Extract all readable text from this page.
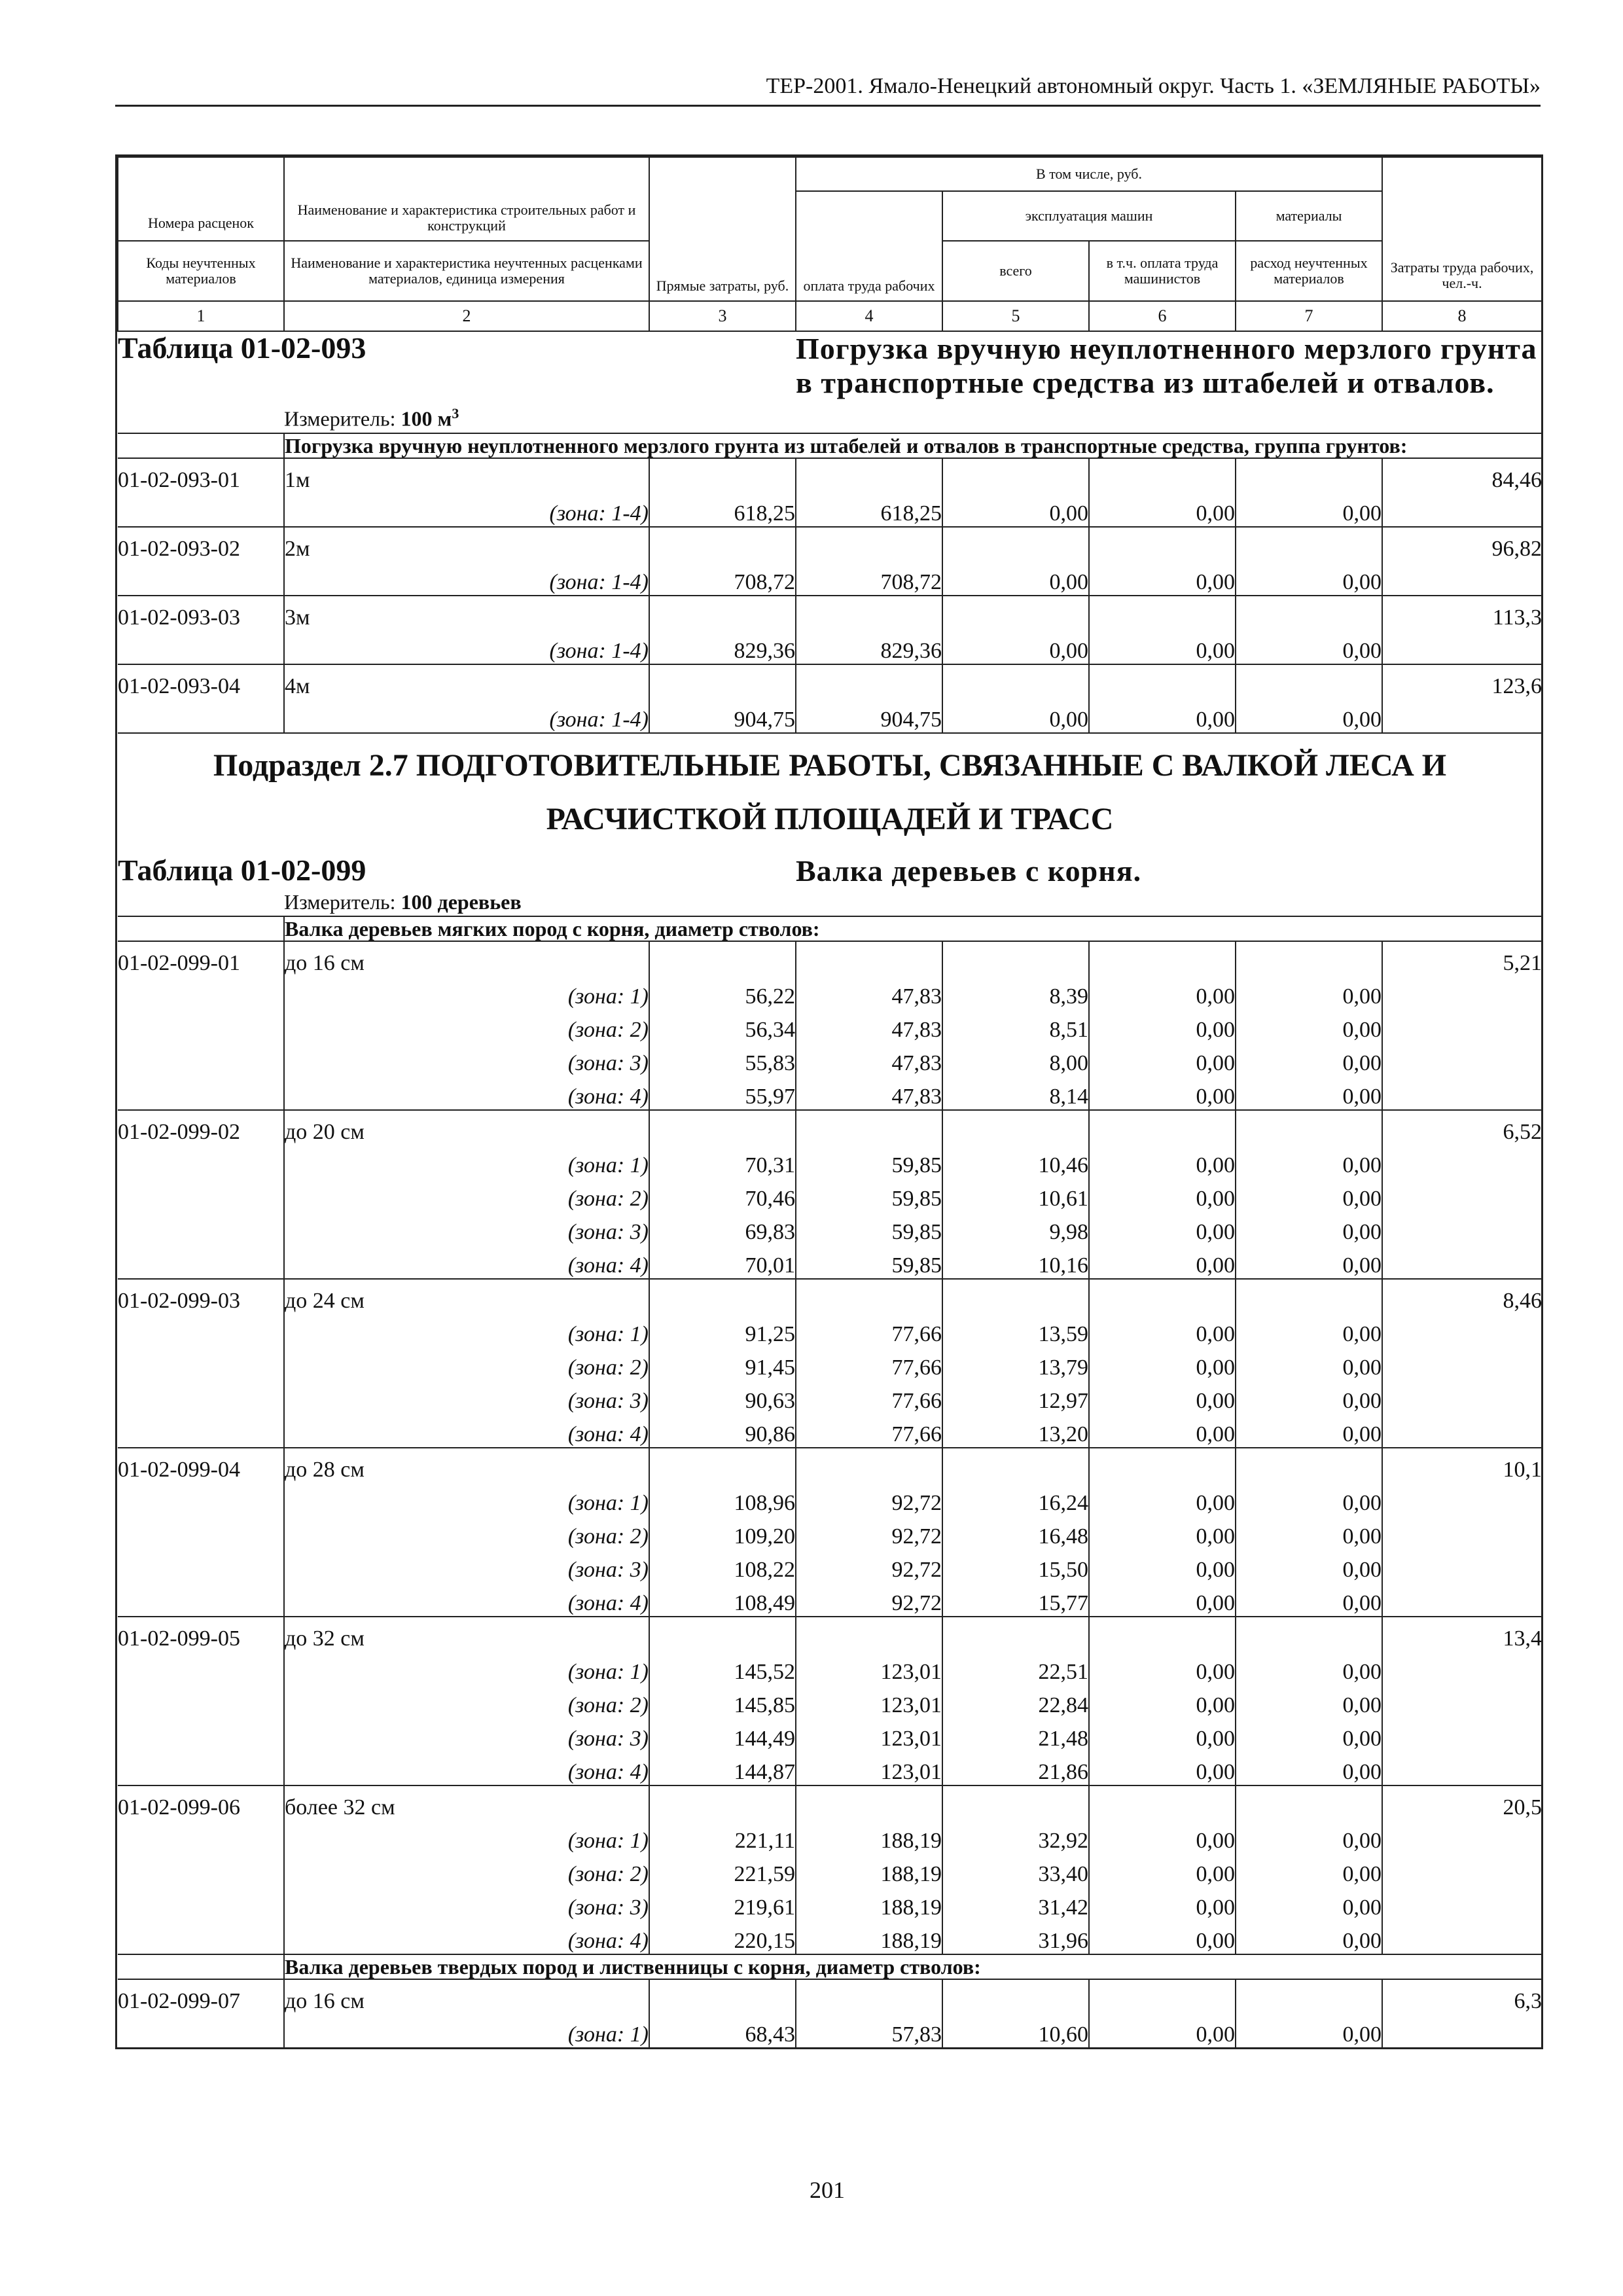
ТЕР-2001. Ямало-Ненецкий автономный округ. Часть 1. «ЗЕМЛЯНЫЕ РАБОТЫ»
Номера расценок	Наименование и характеристика строительных работ и конструкций	Прямые затраты, руб.	В том числе, руб.				Затраты труда рабочих, чел.-ч.
			оплата труда рабочих	эксплуатация машин		материалы	
Коды неучтенных материалов	Наименование и характеристика неучтенных расценками материалов, единица измерения			всего	в т.ч. оплата труда машинистов	расход неучтенных материалов	
1	2	3	4	5	6	7	8
Таблица 01-02-093			Погрузка вручную неуплотненного мерзлого грунта
в транспортные средства из штабелей и отвалов.				

	Измеритель: 100 $м^3$
	Погрузка вручную неуплотненного мерзлого грунта из штабелей и отвалов в транспортные средства, группа грунтов:						
01-02-093-01	1м						84,46
	(зона: 1-4)	618,25	618,25	0,00	0,00	0,00	
01-02-093-02	2м						96,82
	(зона: 1-4)	708,72	708,72	0,00	0,00	0,00	
01-02-093-03	3м						113,3
	(зона: 1-4)	829,36	829,36	0,00	0,00	0,00	
01-02-093-04	4м						123,6
	(зона: 1-4)	904,75	904,75	0,00	0,00	0,00	
Подраздел 2.7 ПОДГОТОВИТЕЛЬНЫЕ РАБОТЫ, СВЯЗАННЫЕ С ВАЛКОЙ ЛЕСА И							
РАСЧИСТКОЙ ПЛОЩАДЕЙ И ТРАСС							
Таблица 01-02-099			Валка деревьев с корня.				
	Измеритель: 100 деревьев						
	Валка деревьев мягких пород с корня, диаметр стволов:						
01-02-099-01	до 16 см						5,21
	(зона: 1)	56,22	47,83	8,39	0,00	0,00	
	(зона: 2)	56,34	47,83	8,51	0,00	0,00	
	(зона: 3)	55,83	47,83	8,00	0,00	0,00	
	(зона: 4)	55,97	47,83	8,14	0,00	0,00	
01-02-099-02	до 20 см						6,52
	(зона: 1)	70,31	59,85	10,46	0,00	0,00	
	(зона: 2)	70,46	59,85	10,61	0,00	0,00	
	(зона: 3)	69,83	59,85	9,98	0,00	0,00	
	(зона: 4)	70,01	59,85	10,16	0,00	0,00	
01-02-099-03	до 24 см						8,46
	(зона: 1)	91,25	77,66	13,59	0,00	0,00	
	(зона: 2)	91,45	77,66	13,79	0,00	0,00	
	(зона: 3)	90,63	77,66	12,97	0,00	0,00	
	(зона: 4)	90,86	77,66	13,20	0,00	0,00	
01-02-099-04	до 28 см						10,1
	(зона: 1)	108,96	92,72	16,24	0,00	0,00	
	(зона: 2)	109,20	92,72	16,48	0,00	0,00	
	(зона: 3)	108,22	92,72	15,50	0,00	0,00	
	(зона: 4)	108,49	92,72	15,77	0,00	0,00	
01-02-099-05	до 32 см						13,4
	(зона: 1)	145,52	123,01	22,51	0,00	0,00	
	(зона: 2)	145,85	123,01	22,84	0,00	0,00	
	(зона: 3)	144,49	123,01	21,48	0,00	0,00	
	(зона: 4)	144,87	123,01	21,86	0,00	0,00	
01-02-099-06	более 32 см						20,5
	(зона: 1)	221,11	188,19	32,92	0,00	0,00	
	(зона: 2)	221,59	188,19	33,40	0,00	0,00	
	(зона: 3)	219,61	188,19	31,42	0,00	0,00	
	(зона: 4)	220,15	188,19	31,96	0,00	0,00	
	Валка деревьев твердых пород и лиственницы с корня, диаметр стволов:						
01-02-099-07	до 16 см						6,3
	(зона: 1)	68,43	57,83	10,60	0,00	0,00	
201
